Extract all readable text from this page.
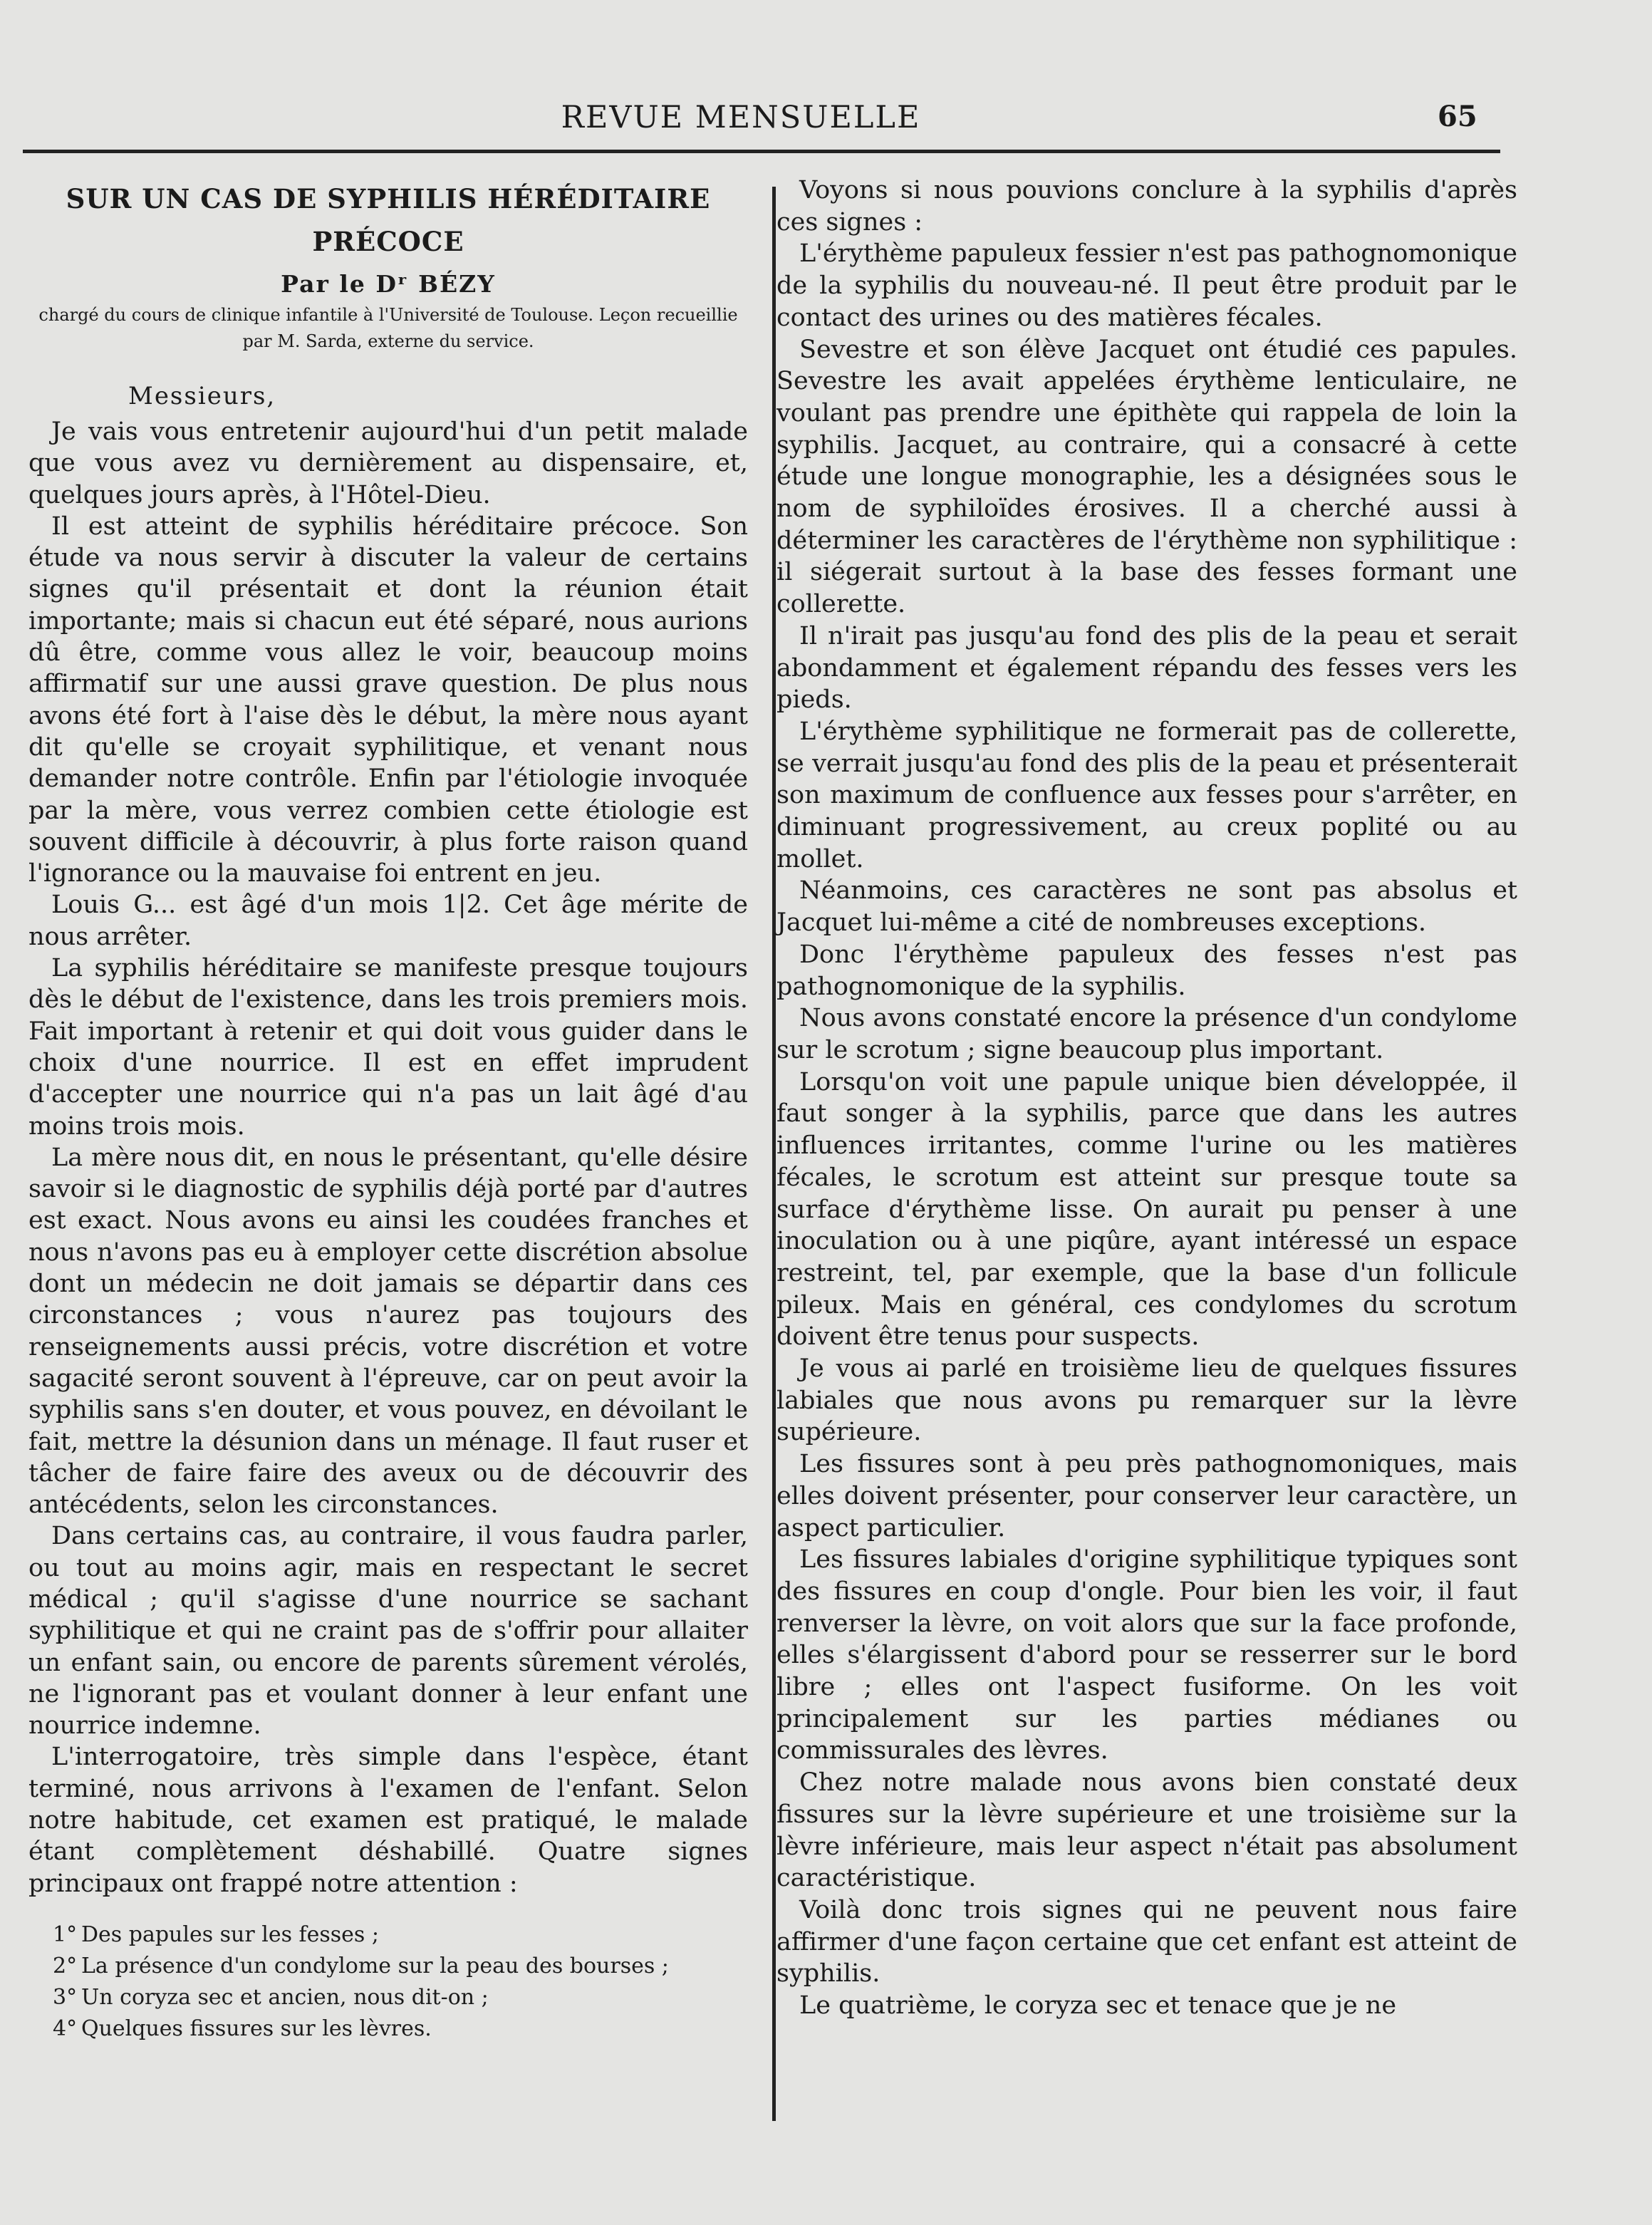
REVUE MENSUELLE	65
SUR UN CAS DE SYPHILIS HÉRÉDITAIRE
PRÉCOCE
Par le Dʳ BÉZY

chargé du cours de clinique infantile à l'Université de Toulouse. Leçon recueillie par M. Sarda, externe du service.

Messieurs,

Je vais vous entretenir aujourd'hui d'un petit malade que vous avez vu dernièrement au dispensaire, et, quelques jours après, à l'Hôtel-Dieu.

Il est atteint de syphilis héréditaire précoce. Son étude va nous servir à discuter la valeur de certains signes qu'il présentait et dont la réunion était importante; mais si chacun eut été séparé, nous aurions dû être, comme vous allez le voir, beaucoup moins affirmatif sur une aussi grave question. De plus nous avons été fort à l'aise dès le début, la mère nous ayant dit qu'elle se croyait syphilitique, et venant nous demander notre contrôle. Enfin par l'étiologie invoquée par la mère, vous verrez combien cette étiologie est souvent difficile à découvrir, à plus forte raison quand l'ignorance ou la mauvaise foi entrent en jeu.

Louis G... est âgé d'un mois 1|2. Cet âge mérite de nous arrêter.

La syphilis héréditaire se manifeste presque toujours dès le début de l'existence, dans les trois premiers mois. Fait important à retenir et qui doit vous guider dans le choix d'une nourrice. Il est en effet imprudent d'accepter une nourrice qui n'a pas un lait âgé d'au moins trois mois.

La mère nous dit, en nous le présentant, qu'elle désire savoir si le diagnostic de syphilis déjà porté par d'autres est exact. Nous avons eu ainsi les coudées franches et nous n'avons pas eu à employer cette discrétion absolue dont un médecin ne doit jamais se départir dans ces circonstances ; vous n'aurez pas toujours des renseignements aussi précis, votre discrétion et votre sagacité seront souvent à l'épreuve, car on peut avoir la syphilis sans s'en douter, et vous pouvez, en dévoilant le fait, mettre la désunion dans un ménage. Il faut ruser et tâcher de faire faire des aveux ou de découvrir des antécédents, selon les circonstances.

Dans certains cas, au contraire, il vous faudra parler, ou tout au moins agir, mais en respectant le secret médical ; qu'il s'agisse d'une nourrice se sachant syphilitique et qui ne craint pas de s'offrir pour allaiter un enfant sain, ou encore de parents sûrement vérolés, ne l'ignorant pas et voulant donner à leur enfant une nourrice indemne.

L'interrogatoire, très simple dans l'espèce, étant terminé, nous arrivons à l'examen de l'enfant. Selon notre habitude, cet examen est pratiqué, le malade étant complètement déshabillé. Quatre signes principaux ont frappé notre attention :

1° Des papules sur les fesses ;
2° La présence d'un condylome sur la peau des bourses ;
3° Un coryza sec et ancien, nous dit-on ;
4° Quelques fissures sur les lèvres.

Voyons si nous pouvions conclure à la syphilis d'après ces signes :

L'érythème papuleux fessier n'est pas pathognomonique de la syphilis du nouveau-né. Il peut être produit par le contact des urines ou des matières fécales.

Sevestre et son élève Jacquet ont étudié ces papules. Sevestre les avait appelées érythème lenticulaire, ne voulant pas prendre une épithète qui rappela de loin la syphilis. Jacquet, au contraire, qui a consacré à cette étude une longue monographie, les a désignées sous le nom de syphiloïdes érosives. Il a cherché aussi à déterminer les caractères de l'érythème non syphilitique : il siégerait surtout à la base des fesses formant une collerette.

Il n'irait pas jusqu'au fond des plis de la peau et serait abondamment et également répandu des fesses vers les pieds.

L'érythème syphilitique ne formerait pas de collerette, se verrait jusqu'au fond des plis de la peau et présenterait son maximum de confluence aux fesses pour s'arrêter, en diminuant progressivement, au creux poplité ou au mollet.

Néanmoins, ces caractères ne sont pas absolus et Jacquet lui-même a cité de nombreuses exceptions.

Donc l'érythème papuleux des fesses n'est pas pathognomonique de la syphilis.

Nous avons constaté encore la présence d'un condylome sur le scrotum ; signe beaucoup plus important.

Lorsqu'on voit une papule unique bien développée, il faut songer à la syphilis, parce que dans les autres influences irritantes, comme l'urine ou les matières fécales, le scrotum est atteint sur presque toute sa surface d'érythème lisse. On aurait pu penser à une inoculation ou à une piqûre, ayant intéressé un espace restreint, tel, par exemple, que la base d'un follicule pileux. Mais en général, ces condylomes du scrotum doivent être tenus pour suspects.

Je vous ai parlé en troisième lieu de quelques fissures labiales que nous avons pu remarquer sur la lèvre supérieure.

Les fissures sont à peu près pathognomoniques, mais elles doivent présenter, pour conserver leur caractère, un aspect particulier.

Les fissures labiales d'origine syphilitique typiques sont des fissures en coup d'ongle. Pour bien les voir, il faut renverser la lèvre, on voit alors que sur la face profonde, elles s'élargissent d'abord pour se resserrer sur le bord libre ; elles ont l'aspect fusiforme. On les voit principalement sur les parties médianes ou commissurales des lèvres.

Chez notre malade nous avons bien constaté deux fissures sur la lèvre supérieure et une troisième sur la lèvre inférieure, mais leur aspect n'était pas absolument caractéristique.

Voilà donc trois signes qui ne peuvent nous faire affirmer d'une façon certaine que cet enfant est atteint de syphilis.

Le quatrième, le coryza sec et tenace que je ne
